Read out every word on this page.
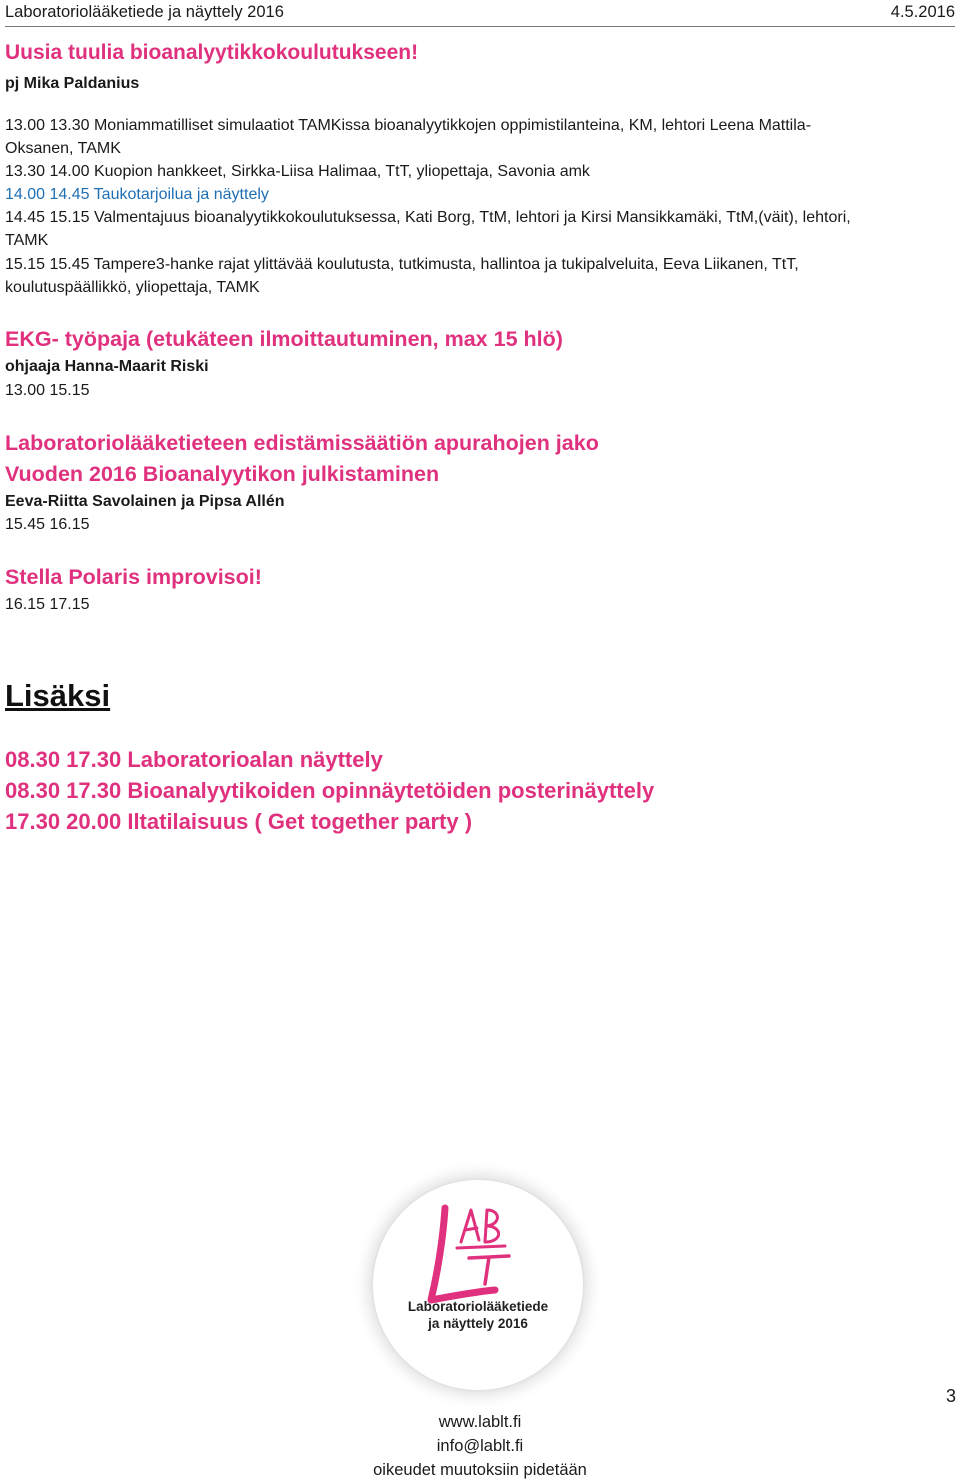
Laboratoriolääketiede ja näyttely 2016	4.5.2016
Uusia tuulia bioanalyytikkokoulutukseen!
pj Mika Paldanius
13.00 13.30 Moniammatilliset simulaatiot TAMKissa bioanalyytikkojen oppimistilanteina, KM, lehtori Leena Mattila-
Oksanen, TAMK
13.30 14.00 Kuopion hankkeet, Sirkka-Liisa Halimaa, TtT, yliopettaja, Savonia amk
14.00 14.45 Taukotarjoilua ja näyttely
14.45 15.15 Valmentajuus bioanalyytikkokoulutuksessa, Kati Borg, TtM, lehtori ja Kirsi Mansikkamäki, TtM,(väit), lehtori,
TAMK
15.15 15.45 Tampere3-hanke rajat ylittävää koulutusta, tutkimusta, hallintoa ja tukipalveluita, Eeva Liikanen, TtT,
koulutuspäällikkö, yliopettaja, TAMK
EKG- työpaja (etukäteen ilmoittautuminen, max 15 hlö)
ohjaaja Hanna-Maarit Riski
13.00 15.15
Laboratoriolääketieteen edistämissäätiön apurahojen jako
Vuoden 2016 Bioanalyytikon julkistaminen
Eeva-Riitta Savolainen ja Pipsa Allén
15.45 16.15
Stella Polaris improvisoi!
16.15 17.15
Lisäksi
08.30 17.30 Laboratorioalan näyttely
08.30 17.30 Bioanalyytikoiden opinnäytetöiden posterinäyttely
17.30 20.00 Iltatilaisuus ( Get together party )
Laboratoriolääketiede
ja näyttely 2016
3
www.lablt.fi
info@lablt.fi
oikeudet muutoksiin pidetään
